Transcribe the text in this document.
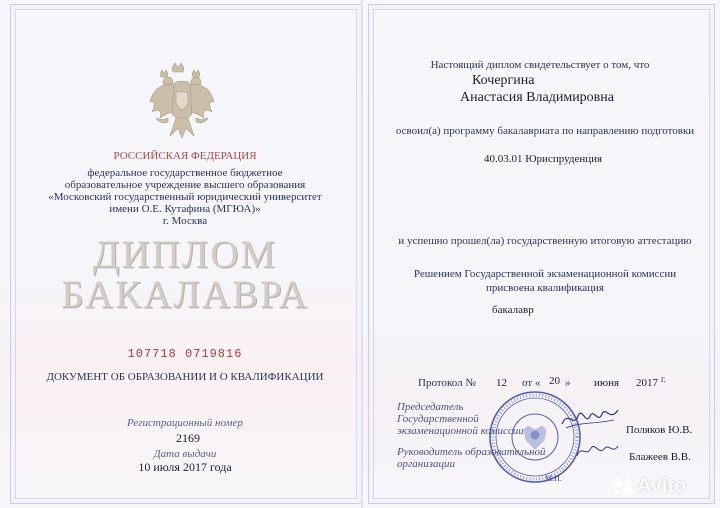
РОССИЙСКАЯ ФЕДЕРАЦИЯ
федеральное государственное бюджетное
образовательное учреждение высшего образования
«Московский государственный юридический университет
имени О.Е. Кутафина (МГЮА)»
г. Москва
ДИПЛОМ
БАКАЛАВРА
107718 0719816
ДОКУМЕНТ ОБ ОБРАЗОВАНИИ И О КВАЛИФИКАЦИИ
Регистрационный номер
2169
Дата выдачи
10 июля 2017 года
Настоящий диплом свидетельствует о том, что
Кочергина
Анастасия Владимировна
освоил(а) программу бакалавриата по направлению подготовки
40.03.01 Юриспруденция
и успешно прошел(ла) государственную итоговую аттестацию
Решением Государственной экзаменационной комиссии
присвоена квалификация
бакалавр
Протокол № 12 от « 20 » июня 2017 г.
Председатель
Государственной
экзаменационной комиссии	Поляков Ю.В.
Руководитель образовательной
организации
Блажеев В.В.
М.П.	Avito
